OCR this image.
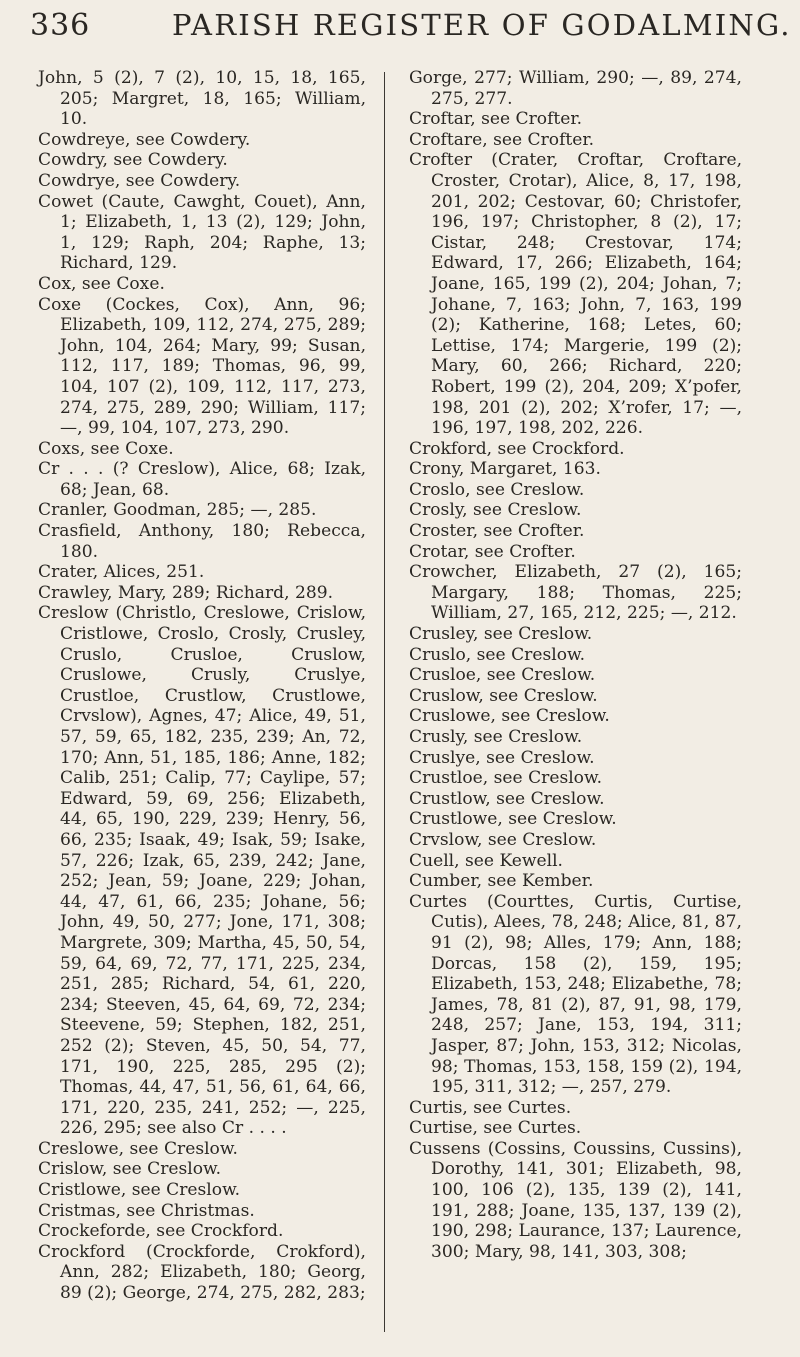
336	PARISH REGISTER OF GODALMING.

John, 5 (2), 7 (2), 10, 15, 18, 165, 205; Margret, 18, 165; William, 10.

Cowdreye, see Cowdery.

Cowdry, see Cowdery.

Cowdrye, see Cowdery.

Cowet (Caute, Cawght, Couet), Ann, 1; Elizabeth, 1, 13 (2), 129; John, 1, 129; Raph, 204; Raphe, 13; Richard, 129.

Cox, see Coxe.

Coxe (Cockes, Cox), Ann, 96; Elizabeth, 109, 112, 274, 275, 289; John, 104, 264; Mary, 99; Susan, 112, 117, 189; Thomas, 96, 99, 104, 107 (2), 109, 112, 117, 273, 274, 275, 289, 290; William, 117; —, 99, 104, 107, 273, 290.

Coxs, see Coxe.

Cr . . . (? Creslow), Alice, 68; Izak, 68; Jean, 68.

Cranler, Goodman, 285; —, 285.

Crasfield, Anthony, 180; Rebecca, 180.

Crater, Alices, 251.

Crawley, Mary, 289; Richard, 289.

Creslow (Christlo, Creslowe, Crislow, Cristlowe, Croslo, Crosly, Crusley, Cruslo, Crusloe, Cruslow, Cruslowe, Crusly, Cruslye, Crustloe, Crustlow, Crustlowe, Crvslow), Agnes, 47; Alice, 49, 51, 57, 59, 65, 182, 235, 239; An, 72, 170; Ann, 51, 185, 186; Anne, 182; Calib, 251; Calip, 77; Caylipe, 57; Edward, 59, 69, 256; Elizabeth, 44, 65, 190, 229, 239; Henry, 56, 66, 235; Isaak, 49; Isak, 59; Isake, 57, 226; Izak, 65, 239, 242; Jane, 252; Jean, 59; Joane, 229; Johan, 44, 47, 61, 66, 235; Johane, 56; John, 49, 50, 277; Jone, 171, 308; Margrete, 309; Martha, 45, 50, 54, 59, 64, 69, 72, 77, 171, 225, 234, 251, 285; Richard, 54, 61, 220, 234; Steeven, 45, 64, 69, 72, 234; Steevene, 59; Stephen, 182, 251, 252 (2); Steven, 45, 50, 54, 77, 171, 190, 225, 285, 295 (2); Thomas, 44, 47, 51, 56, 61, 64, 66, 171, 220, 235, 241, 252; —, 225, 226, 295; see also Cr . . . .

Creslowe, see Creslow.

Crislow, see Creslow.

Cristlowe, see Creslow.

Cristmas, see Christmas.

Crockeforde, see Crockford.

Crockford (Crockforde, Crokford), Ann, 282; Elizabeth, 180; Georg, 89 (2); George, 274, 275, 282, 283;

Gorge, 277; William, 290; —, 89, 274, 275, 277.

Croftar, see Crofter.

Croftare, see Crofter.

Crofter (Crater, Croftar, Croftare, Croster, Crotar), Alice, 8, 17, 198, 201, 202; Cestovar, 60; Christofer, 196, 197; Christopher, 8 (2), 17; Cistar, 248; Crestovar, 174; Edward, 17, 266; Elizabeth, 164; Joane, 165, 199 (2), 204; Johan, 7; Johane, 7, 163; John, 7, 163, 199 (2); Katherine, 168; Letes, 60; Lettise, 174; Margerie, 199 (2); Mary, 60, 266; Richard, 220; Robert, 199 (2), 204, 209; X’pofer, 198, 201 (2), 202; X’rofer, 17; —, 196, 197, 198, 202, 226.

Crokford, see Crockford.

Crony, Margaret, 163.

Croslo, see Creslow.

Crosly, see Creslow.

Croster, see Crofter.

Crotar, see Crofter.

Crowcher, Elizabeth, 27 (2), 165; Margary, 188; Thomas, 225; William, 27, 165, 212, 225; —, 212.

Crusley, see Creslow.

Cruslo, see Creslow.

Crusloe, see Creslow.

Cruslow, see Creslow.

Cruslowe, see Creslow.

Crusly, see Creslow.

Cruslye, see Creslow.

Crustloe, see Creslow.

Crustlow, see Creslow.

Crustlowe, see Creslow.

Crvslow, see Creslow.

Cuell, see Kewell.

Cumber, see Kember.

Curtes (Courttes, Curtis, Curtise, Cutis), Alees, 78, 248; Alice, 81, 87, 91 (2), 98; Alles, 179; Ann, 188; Dorcas, 158 (2), 159, 195; Elizabeth, 153, 248; Elizabethe, 78; James, 78, 81 (2), 87, 91, 98, 179, 248, 257; Jane, 153, 194, 311; Jasper, 87; John, 153, 312; Nicolas, 98; Thomas, 153, 158, 159 (2), 194, 195, 311, 312; —, 257, 279.

Curtis, see Curtes.

Curtise, see Curtes.

Cussens (Cossins, Coussins, Cussins), Dorothy, 141, 301; Elizabeth, 98, 100, 106 (2), 135, 139 (2), 141, 191, 288; Joane, 135, 137, 139 (2), 190, 298; Laurance, 137; Laurence, 300; Mary, 98, 141, 303, 308;
